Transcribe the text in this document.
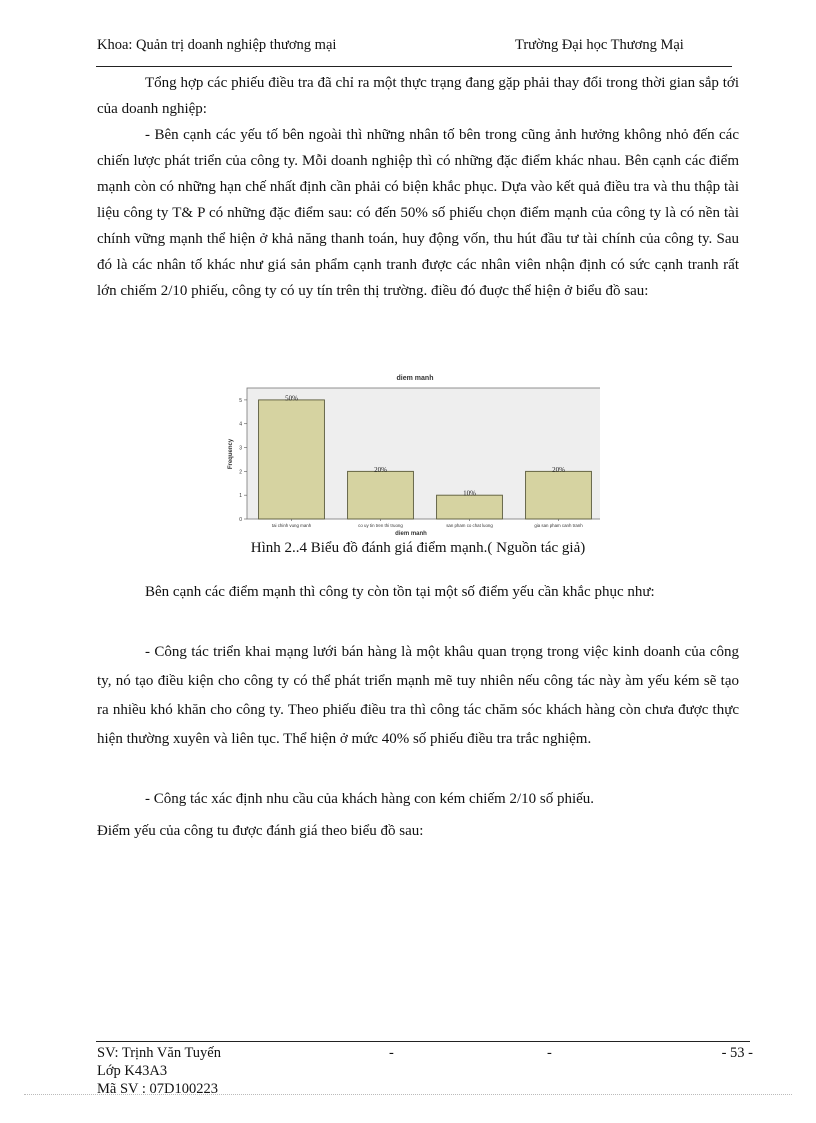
Khoa: Quản trị doanh nghiệp thương mại	Trường Đại học Thương Mại

Tổng hợp các phiếu điều tra đã chỉ ra một thực trạng đang gặp phải thay đổi trong thời gian sắp tới của doanh nghiệp:

- Bên cạnh các yếu tố bên ngoài thì những nhân tố bên trong cũng ảnh hưởng không nhỏ đến các chiến lược phát triển của công ty. Mỗi doanh nghiệp thì có những đặc điểm khác nhau. Bên cạnh các điểm mạnh còn có những hạn chế nhất định cần phải có biện khắc phục. Dựa vào kết quả điều tra và thu thập tài liệu công ty T& P có những đặc điểm sau: có đến 50% số phiếu chọn điểm mạnh của công ty là có nền tài chính vững mạnh thể hiện ở khả năng thanh toán, huy động vốn, thu hút đầu tư tài chính của công ty. Sau đó là các nhân tố khác như giá sản phẩm cạnh tranh được các nhân viên nhận định có sức cạnh tranh rất lớn chiếm 2/10 phiếu, công ty có uy tín trên thị trường. điều đó đuợc thể hiện ở biểu đồ sau:

diem manh
0
1
2
3
4
5	50%
20%
10%
20%
tai chinh vung manh	co uy tin tren thi truong	san pham co chat luong	gia san pham canh tranh
Frequency
diem manh
Hình 2..4 Biểu đồ đánh giá điểm mạnh.( Nguồn tác giả)

Bên cạnh các điểm mạnh thì công ty còn tồn tại một số điểm yếu cần khắc phục như:

- Công tác triển khai mạng lưới bán hàng là một khâu quan trọng trong việc kinh doanh của công ty, nó tạo điều kiện cho công ty có thể phát triển mạnh mẽ tuy nhiên nếu công tác này àm yếu kém sẽ tạo ra nhiều khó khăn cho công ty. Theo phiếu điều tra thì công tác chăm sóc khách hàng còn chưa được thực hiện thường xuyên và liên tục. Thể hiện ở mức 40% số phiếu điều tra trắc nghiệm.

- Công tác xác định nhu cầu của khách hàng con kém chiếm 2/10 số phiếu.

Điểm yếu của công tu được đánh giá theo biểu đồ sau:

SV: Trịnh Văn Tuyến	-	-	- 53 -
Lớp K43A3
Mã SV : 07D100223
